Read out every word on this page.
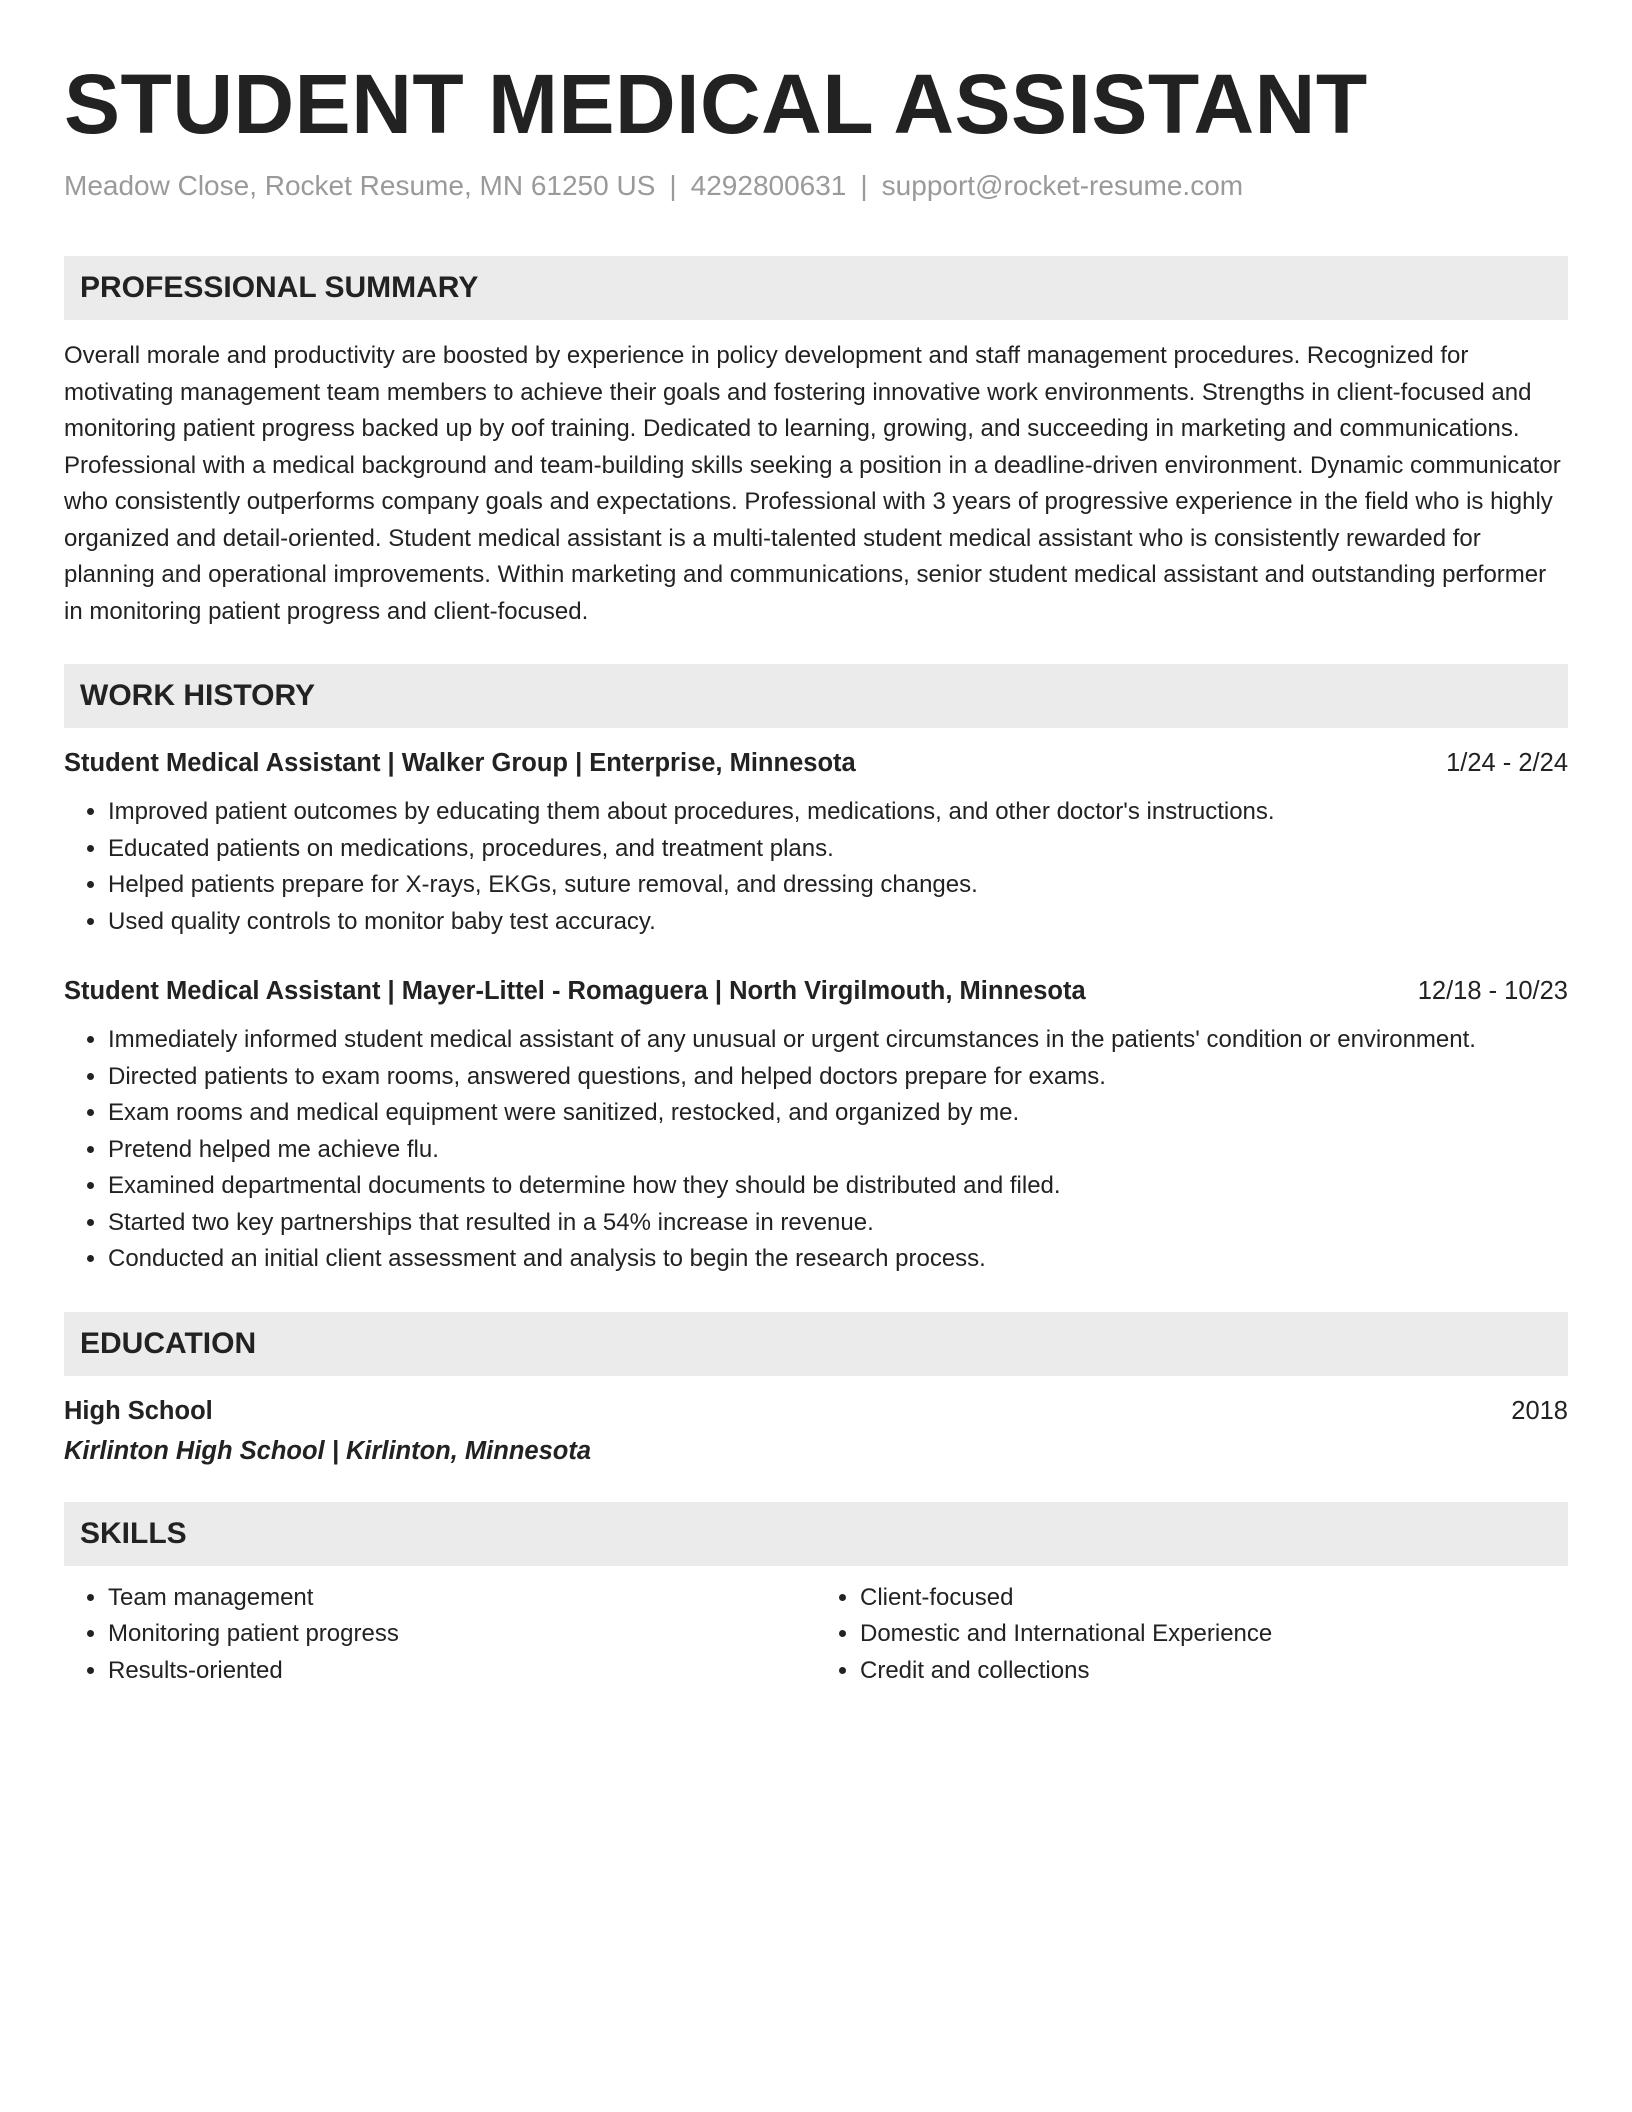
STUDENT MEDICAL ASSISTANT
Meadow Close, Rocket Resume, MN 61250 US | 4292800631 | support@rocket-resume.com
PROFESSIONAL SUMMARY
Overall morale and productivity are boosted by experience in policy development and staff management procedures. Recognized for motivating management team members to achieve their goals and fostering innovative work environments. Strengths in client-focused and monitoring patient progress backed up by oof training. Dedicated to learning, growing, and succeeding in marketing and communications. Professional with a medical background and team-building skills seeking a position in a deadline-driven environment. Dynamic communicator who consistently outperforms company goals and expectations. Professional with 3 years of progressive experience in the field who is highly organized and detail-oriented. Student medical assistant is a multi-talented student medical assistant who is consistently rewarded for planning and operational improvements. Within marketing and communications, senior student medical assistant and outstanding performer in monitoring patient progress and client-focused.
WORK HISTORY
Student Medical Assistant | Walker Group | Enterprise, Minnesota	1/24 - 2/24
• Improved patient outcomes by educating them about procedures, medications, and other doctor's instructions.
• Educated patients on medications, procedures, and treatment plans.
• Helped patients prepare for X-rays, EKGs, suture removal, and dressing changes.
• Used quality controls to monitor baby test accuracy.
Student Medical Assistant | Mayer-Littel - Romaguera | North Virgilmouth, Minnesota	12/18 - 10/23
• Immediately informed student medical assistant of any unusual or urgent circumstances in the patients' condition or environment.
• Directed patients to exam rooms, answered questions, and helped doctors prepare for exams.
• Exam rooms and medical equipment were sanitized, restocked, and organized by me.
• Pretend helped me achieve flu.
• Examined departmental documents to determine how they should be distributed and filed.
• Started two key partnerships that resulted in a 54% increase in revenue.
• Conducted an initial client assessment and analysis to begin the research process.
EDUCATION
High School	2018
Kirlinton High School | Kirlinton, Minnesota
SKILLS
• Team management
• Monitoring patient progress
• Results-oriented
• Client-focused
• Domestic and International Experience
• Credit and collections
